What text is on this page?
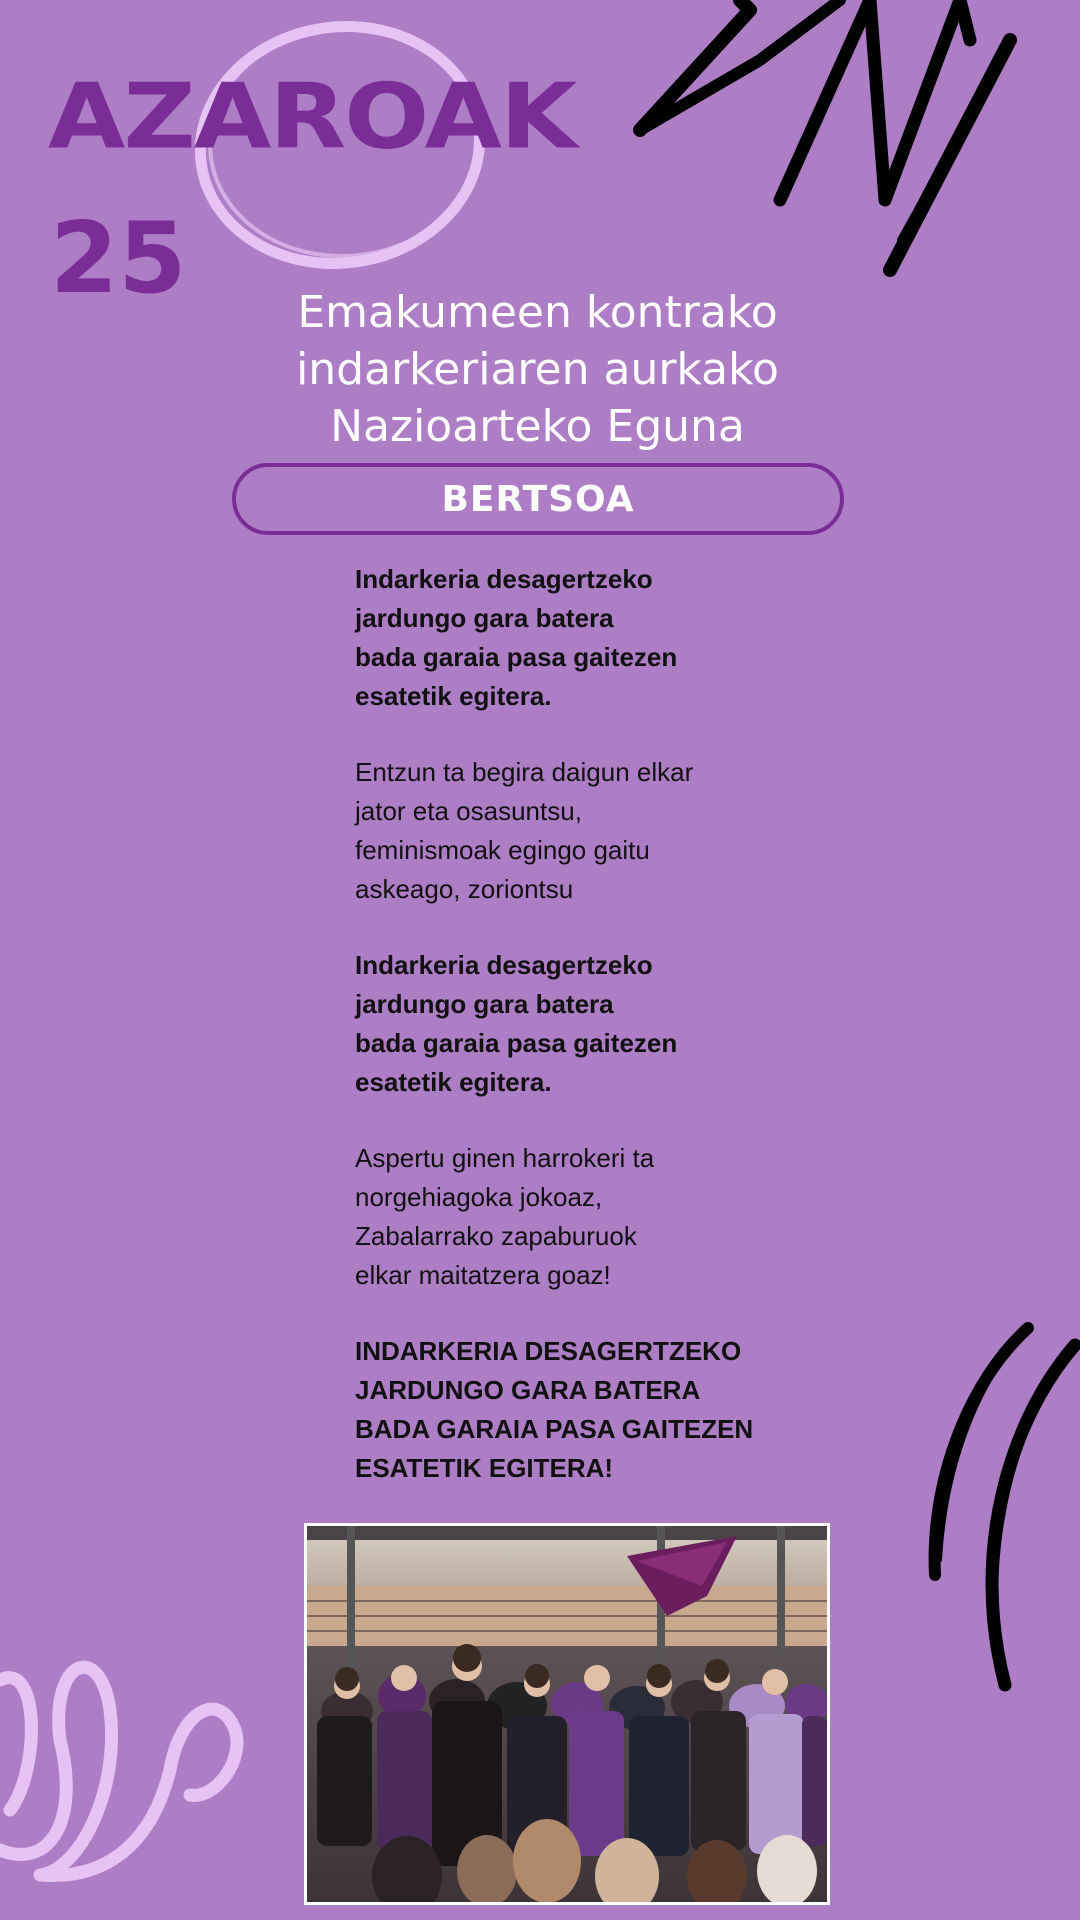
AZAROAK
25	Emakumeen kontrako
indarkeriaren aurkako
Nazioarteko Eguna
BERTSOA

Indarkeria desagertzeko

jardungo gara batera

bada garaia pasa gaitezen

esatetik egitera.

Entzun ta begira daigun elkar

jator eta osasuntsu,

feminismoak egingo gaitu

askeago, zoriontsu

Indarkeria desagertzeko

jardungo gara batera

bada garaia pasa gaitezen

esatetik egitera.

Aspertu ginen harrokeri ta

norgehiagoka jokoaz,

Zabalarrako zapaburuok

elkar maitatzera goaz!

INDARKERIA DESAGERTZEKO

JARDUNGO GARA BATERA

BADA GARAIA PASA GAITEZEN

ESATETIK EGITERA!
